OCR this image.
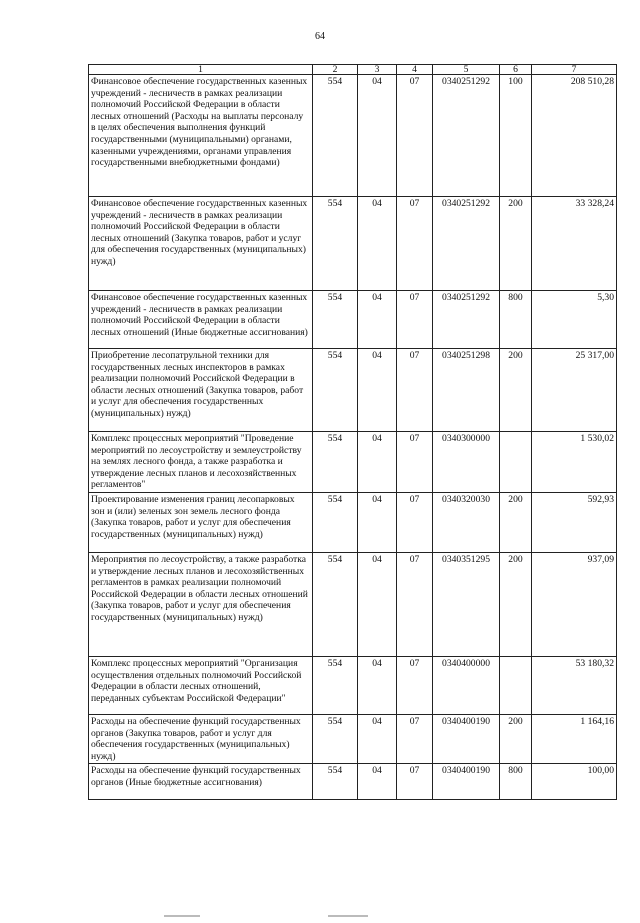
64
1	2	3	4	5	6	7
Финансовое обеспечение государственных казенных учреждений - лесничеств в рамках реализации полномочий Российской Федерации в области лесных отношений (Расходы на выплаты персоналу в целях обеспечения выполнения функций государственными (муниципальными) органами, казенными учреждениями, органами управления государственными внебюджетными фондами)	554	04	07	0340251292	100	208 510,28
Финансовое обеспечение государственных казенных учреждений - лесничеств в рамках реализации полномочий Российской Федерации в области лесных отношений (Закупка товаров, работ и услуг для обеспечения государственных (муниципальных) нужд)	554	04	07	0340251292	200	33 328,24
Финансовое обеспечение государственных казенных учреждений - лесничеств в рамках реализации полномочий Российской Федерации в области лесных отношений (Иные бюджетные ассигнования)	554	04	07	0340251292	800	5,30
Приобретение лесопатрульной техники для государственных лесных инспекторов в рамках реализации полномочий Российской Федерации в области лесных отношений (Закупка товаров, работ и услуг для обеспечения государственных (муниципальных) нужд)	554	04	07	0340251298	200	25 317,00
Комплекс процессных мероприятий "Проведение мероприятий по лесоустройству и землеустройству на землях лесного фонда, а также разработка и утверждение лесных планов и лесохозяйственных регламентов"	554	04	07	0340300000		1 530,02
Проектирование изменения границ лесопарковых зон и (или) зеленых зон земель лесного фонда (Закупка товаров, работ и услуг для обеспечения государственных (муниципальных) нужд)	554	04	07	0340320030	200	592,93
Мероприятия по лесоустройству, а также разработка и утверждение лесных планов и лесохозяйственных регламентов в рамках реализации полномочий Российской Федерации в области лесных отношений (Закупка товаров, работ и услуг для обеспечения государственных (муниципальных) нужд)	554	04	07	0340351295	200	937,09
Комплекс процессных мероприятий "Организация осуществления отдельных полномочий Российской Федерации в области лесных отношений, переданных субъектам Российской Федерации"	554	04	07	0340400000		53 180,32
Расходы на обеспечение функций государственных органов (Закупка товаров, работ и услуг для обеспечения государственных (муниципальных) нужд)	554	04	07	0340400190	200	1 164,16
Расходы на обеспечение функций государственных органов (Иные бюджетные ассигнования)	554	04	07	0340400190	800	100,00
